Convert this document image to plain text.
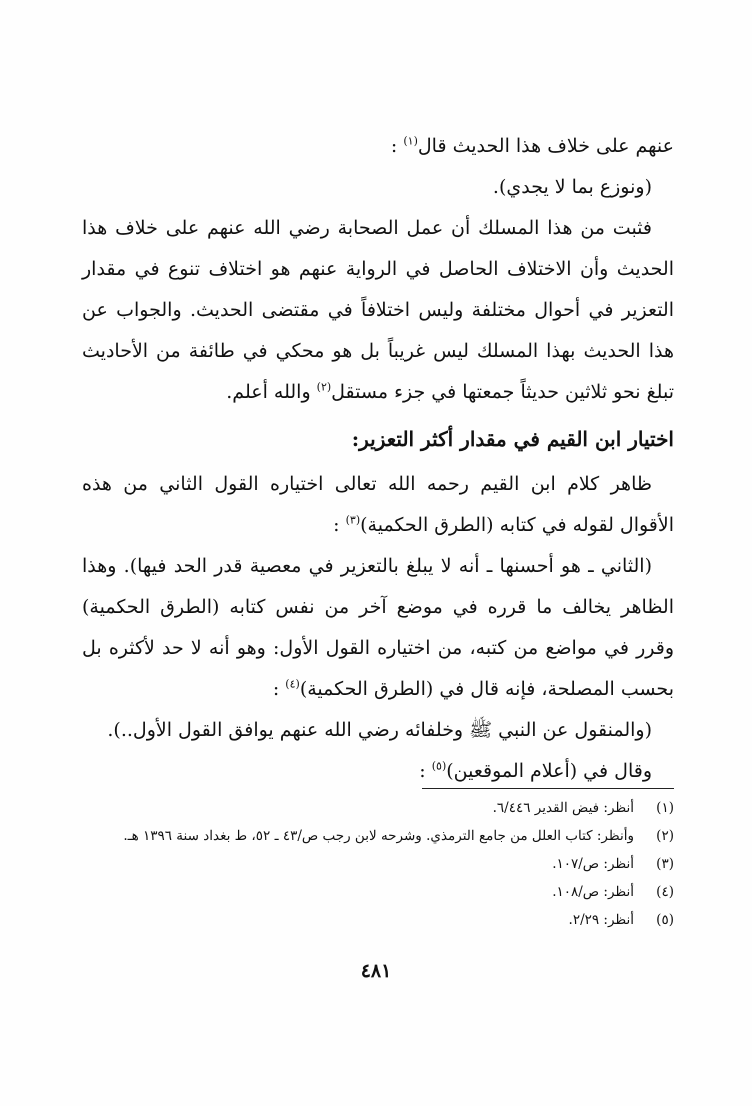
عنهم على خلاف هذا الحديث قال$^{(١)}$ :

(ونوزع بما لا يجدي).

فثبت من هذا المسلك أن عمل الصحابة رضي الله عنهم على خلاف هذا الحديث وأن الاختلاف الحاصل في الرواية عنهم هو اختلاف تنوع في مقدار التعزير في أحوال مختلفة وليس اختلافاً في مقتضى الحديث. والجواب عن هذا الحديث بهذا المسلك ليس غريباً بل هو محكي في طائفة من الأحاديث تبلغ نحو ثلاثين حديثاً جمعتها في جزء مستقل$^{(٢)}$ والله أعلم.

اختيار ابن القيم في مقدار أكثر التعزير:

ظاهر كلام ابن القيم رحمه الله تعالى اختياره القول الثاني من هذه الأقوال لقوله في كتابه (الطرق الحكمية)$^{(٣)}$ :

(الثاني ـ هو أحسنها ـ أنه لا يبلغ بالتعزير في معصية قدر الحد فيها). وهذا الظاهر يخالف ما قرره في موضع آخر من نفس كتابه (الطرق الحكمية) وقرر في مواضع من كتبه، من اختياره القول الأول: وهو أنه لا حد لأكثره بل بحسب المصلحة، فإنه قال في (الطرق الحكمية)$^{(٤)}$ :

(والمنقول عن النبي ﷺ وخلفائه رضي الله عنهم يوافق القول الأول..).

وقال في (أعلام الموقعين)$^{(٥)}$ :

(١)
أنظر: فيض القدير ٦/٤٤٦.

(٢)
وأنظر: كتاب العلل من جامع الترمذي. وشرحه لابن رجب ص/٤٣ ـ ٥٢، ط بغداد سنة ١٣٩٦ هـ.

(٣)
أنظر: ص/١٠٧.

(٤)
أنظر: ص/١٠٨.

(٥)
أنظر: ٢/٢٩.

٤٨١
